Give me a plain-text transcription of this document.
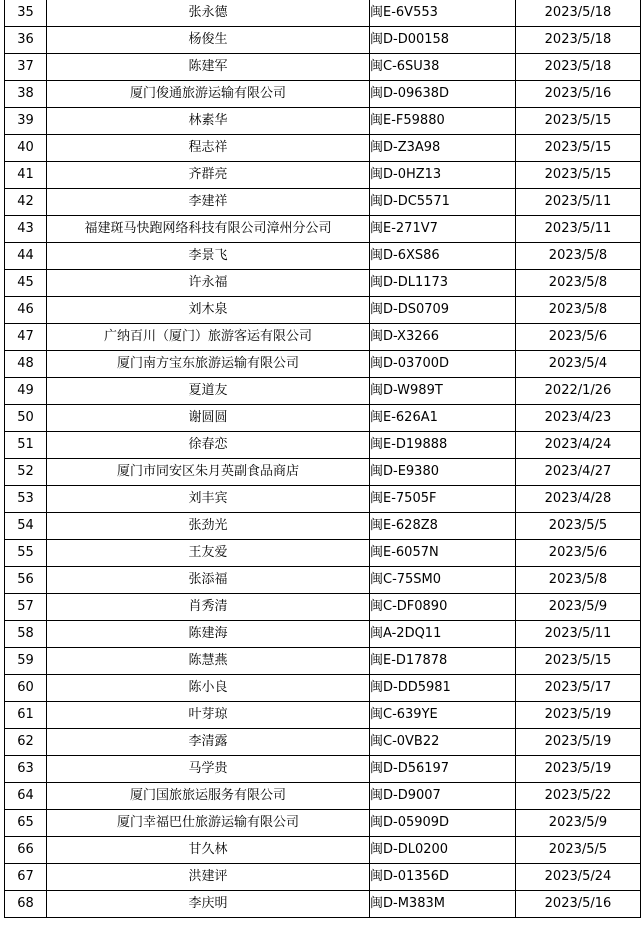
35	张永德	闽E-6V553	2023/5/18
36	杨俊生	闽D-D00158	2023/5/18
37	陈建军	闽C-6SU38	2023/5/18
38	厦门俊通旅游运输有限公司	闽D-09638D	2023/5/16
39	林素华	闽E-F59880	2023/5/15
40	程志祥	闽D-Z3A98	2023/5/15
41	齐群亮	闽D-0HZ13	2023/5/15
42	李建祥	闽D-DC5571	2023/5/11
43	福建斑马快跑网络科技有限公司漳州分公司	闽E-271V7	2023/5/11
44	李景飞	闽D-6XS86	2023/5/8
45	许永福	闽D-DL1173	2023/5/8
46	刘木泉	闽D-DS0709	2023/5/8
47	广纳百川（厦门）旅游客运有限公司	闽D-X3266	2023/5/6
48	厦门南方宝东旅游运输有限公司	闽D-03700D	2023/5/4
49	夏道友	闽D-W989T	2022/1/26
50	谢圆圆	闽E-626A1	2023/4/23
51	徐春恋	闽E-D19888	2023/4/24
52	厦门市同安区朱月英副食品商店	闽D-E9380	2023/4/27
53	刘丰宾	闽E-7505F	2023/4/28
54	张劲光	闽E-628Z8	2023/5/5
55	王友爱	闽E-6057N	2023/5/6
56	张添福	闽C-75SM0	2023/5/8
57	肖秀清	闽C-DF0890	2023/5/9
58	陈建海	闽A-2DQ11	2023/5/11
59	陈慧燕	闽E-D17878	2023/5/15
60	陈小良	闽D-DD5981	2023/5/17
61	叶芽琼	闽C-639YE	2023/5/19
62	李清露	闽C-0VB22	2023/5/19
63	马学贵	闽D-D56197	2023/5/19
64	厦门国旅旅运服务有限公司	闽D-D9007	2023/5/22
65	厦门幸福巴仕旅游运输有限公司	闽D-05909D	2023/5/9
66	甘久林	闽D-DL0200	2023/5/5
67	洪建评	闽D-01356D	2023/5/24
68	李庆明	闽D-M383M	2023/5/16
